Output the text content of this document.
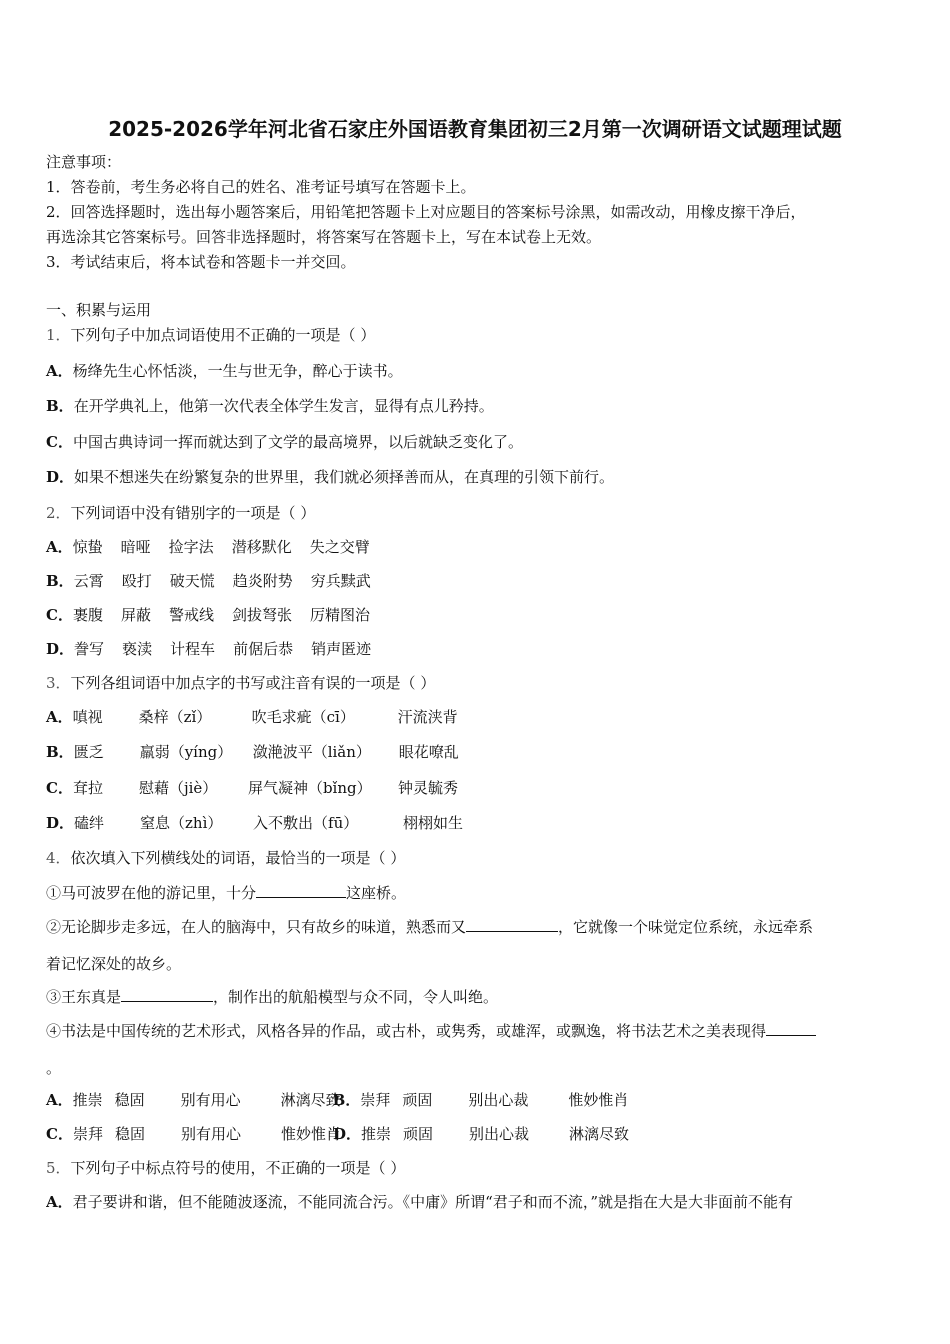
2025-2026学年河北省石家庄外国语教育集团初三2月第一次调研语文试题理试题
注意事项：
1．答卷前，考生务必将自己的姓名、准考证号填写在答题卡上。
2．回答选择题时，选出每小题答案后，用铅笔把答题卡上对应题目的答案标号涂黑，如需改动，用橡皮擦干净后，
再选涂其它答案标号。回答非选择题时，将答案写在答题卡上，写在本试卷上无效。
3．考试结束后，将本试卷和答题卡一并交回。
一、积累与运用
1．下列句子中加点词语使用不正确的一项是（ ）
A．杨绛先生心怀恬淡，一生与世无争，醉心于读书。
B．在开学典礼上，他第一次代表全体学生发言，显得有点儿矜持。
C．中国古典诗词一挥而就达到了文学的最高境界，以后就缺乏变化了。
D．如果不想迷失在纷繁复杂的世界里，我们就必须择善而从，在真理的引领下前行。
2．下列词语中没有错别字的一项是（ ）
A．惊蛰 暗哑 捡字法 潜移默化 失之交臂
B．云霄 殴打 破天慌 趋炎附势 穷兵黩武
C．裹腹 屏蔽 警戒线 剑拔弩张 厉精图治
D．誊写 亵渎 计程车 前倨后恭 销声匿迹
3．下列各组词语中加点字的书写或注音有误的一项是（ ）
A．嗔视 桑梓（zǐ）	吹毛求疵（cī）	汗流浃背
B．匮乏 羸弱（yíng） 潋滟波平（liǎn） 眼花嘹乱
C．耷拉 慰藉（jiè） 屏气凝神（bǐng） 钟灵毓秀
D．磕绊 窒息（zhì） 入不敷出（fū）	栩栩如生
4．依次填入下列横线处的词语，最恰当的一项是（ ）
①马可波罗在他的游记里，十分	这座桥。
②无论脚步走多远，在人的脑海中，只有故乡的味道，熟悉而又	，它就像一个味觉定位系统，永远牵系
着记忆深处的故乡。
③王东真是	，制作出的航船模型与众不同，令人叫绝。
④书法是中国传统的艺术形式，风格各异的作品，或古朴，或隽秀，或雄浑，或飘逸，将书法艺术之美表现得
。
A．推崇 稳固 别有用心	淋漓尽致B．崇拜 顽固 别出心裁	惟妙惟肖
C．崇拜 稳固 别有用心	惟妙惟肖D．推崇 顽固 别出心裁	淋漓尽致
5．下列句子中标点符号的使用，不正确的一项是（ ）
A．君子要讲和谐，但不能随波逐流，不能同流合污。《中庸》所谓“君子和而不流，”就是指在大是大非面前不能有
